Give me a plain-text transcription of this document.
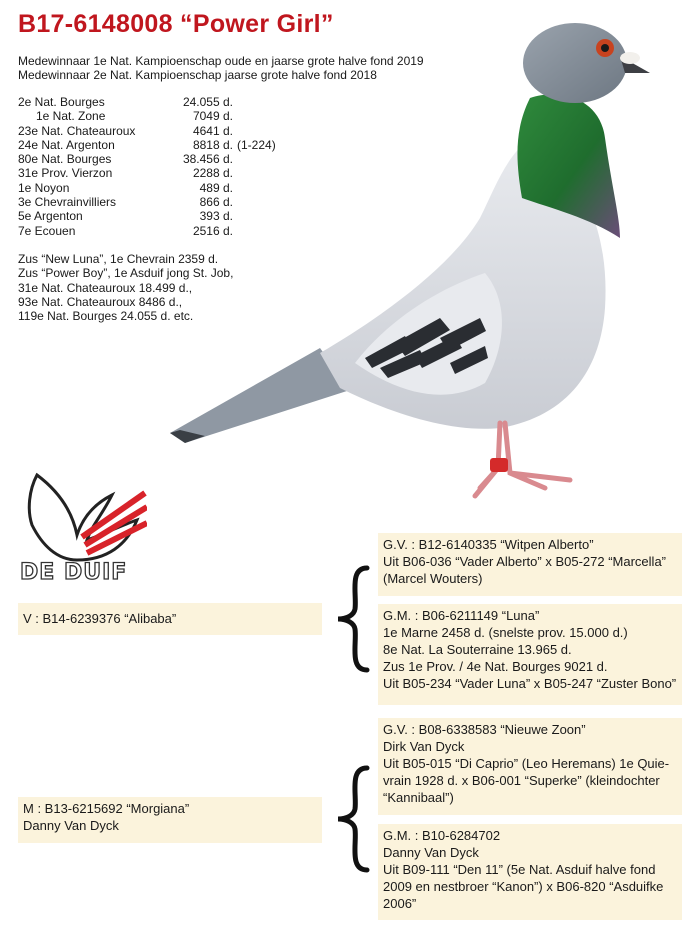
B17-6148008 “Power Girl”
Medewinnaar 1e Nat. Kampioenschap oude en jaarse grote halve fond 2019
Medewinnaar 2e Nat. Kampioenschap jaarse grote halve fond 2018
2e Nat. Bourges	24.055 d.
1e Nat. Zone	7049 d.
23e Nat. Chateauroux	4641 d.
24e Nat. Argenton	8818 d. (1-224)
80e Nat. Bourges	38.456 d.
31e Prov. Vierzon	2288 d.
1e Noyon	489 d.
3e Chevrainvilliers	866 d.
5e Argenton	393 d.
7e Ecouen	2516 d.
Zus “New Luna”, 1e Chevrain 2359 d.
Zus “Power Boy”, 1e Asduif jong St. Job,
31e Nat. Chateauroux 18.499 d.,
93e Nat. Chateauroux 8486 d.,
119e Nat. Bourges 24.055 d. etc.
DE DUIF
V : B14-6239376 “Alibaba”
M : B13-6215692 “Morgiana”
Danny Van Dyck
G.V. : B12-6140335 “Witpen Alberto”
Uit B06-036 “Vader Alberto” x B05-272 “Marcella”
(Marcel Wouters)
G.M. : B06-6211149 “Luna”
1e Marne 2458 d. (snelste prov. 15.000 d.)
8e Nat. La Souterraine 13.965 d.
Zus 1e Prov. / 4e Nat. Bourges 9021 d.
Uit B05-234 “Vader Luna” x B05-247 “Zuster Bono”
G.V. : B08-6338583 “Nieuwe Zoon”
Dirk Van Dyck
Uit B05-015 “Di Caprio” (Leo Heremans) 1e Quie-
vrain 1928 d. x B06-001 “Superke” (kleindochter
“Kannibaal”)
G.M. : B10-6284702
Danny Van Dyck
Uit B09-111 “Den 11” (5e Nat. Asduif halve fond
2009 en nestbroer “Kanon”) x B06-820 “Asduifke
2006”
